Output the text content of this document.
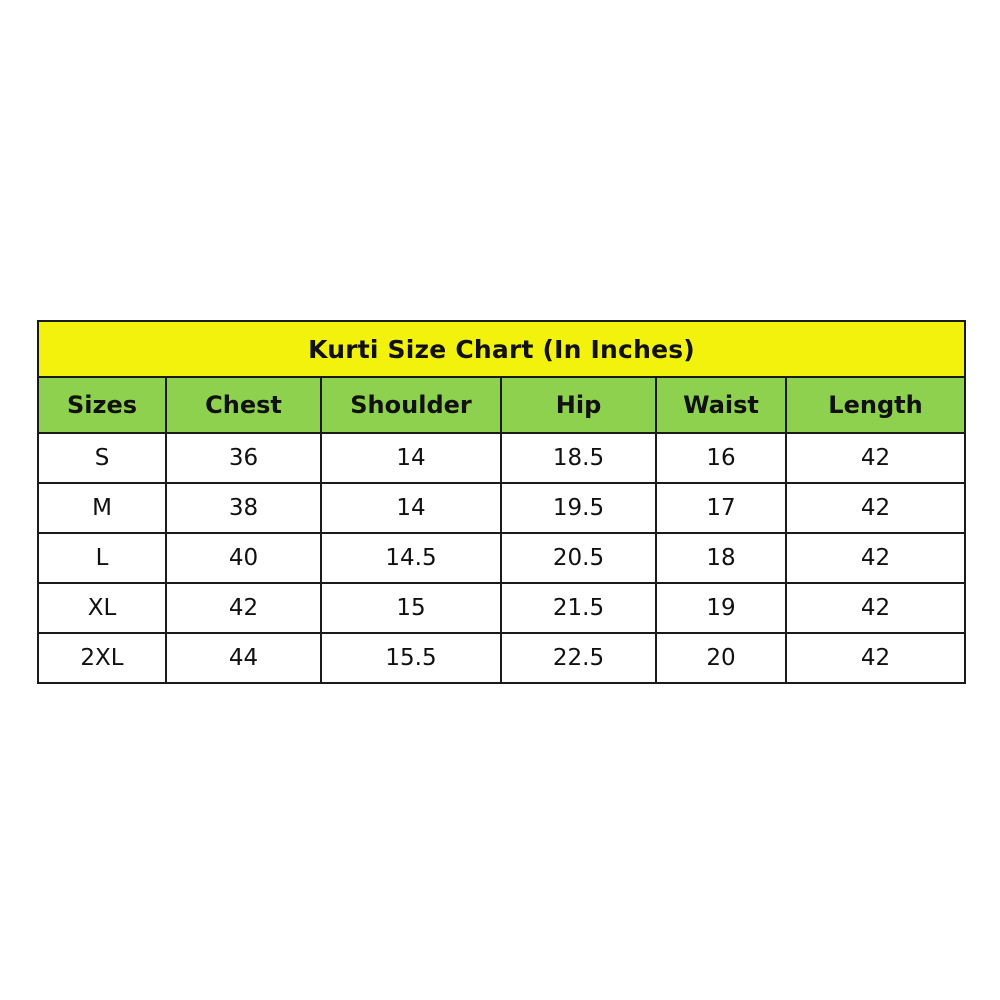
Kurti Size Chart (In Inches)					
Sizes	Chest	Shoulder	Hip	Waist	Length
S	36	14	18.5	16	42
M	38	14	19.5	17	42
L	40	14.5	20.5	18	42
XL	42	15	21.5	19	42
2XL	44	15.5	22.5	20	42
